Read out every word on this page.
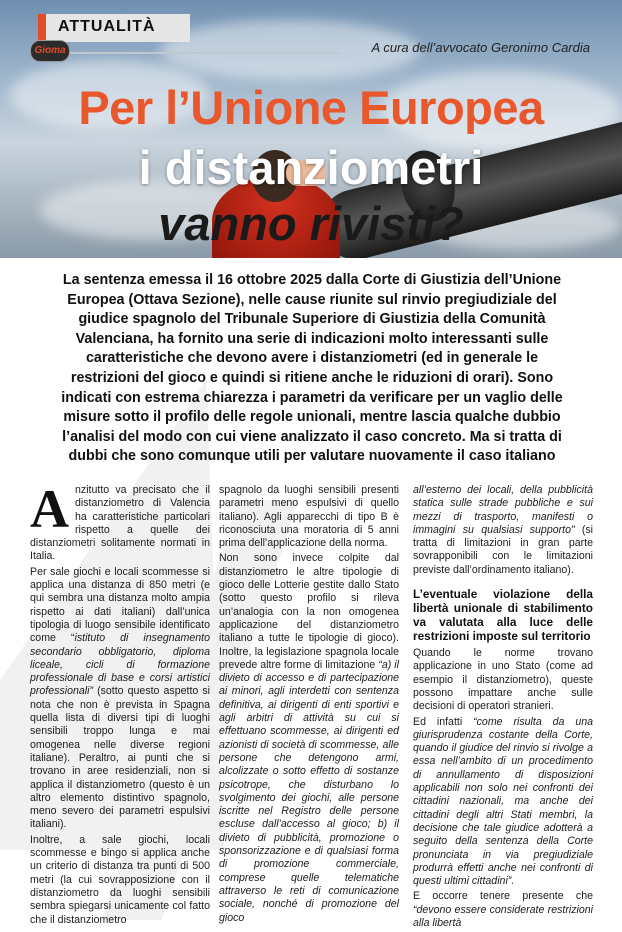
ATTUALITÀ
Gioma	A cura dell’avvocato Geronimo Cardia
Per l’Unione Europea
i distanziometri
vanno rivisti?
La sentenza emessa il 16 ottobre 2025 dalla Corte di Giustizia dell’Unione Europea (Ottava Sezione), nelle cause riunite sul rinvio pregiudiziale del giudice spagnolo del Tribunale Superiore di Giustizia della Comunità Valenciana, ha fornito una serie di indicazioni molto interessanti sulle caratteristiche che devono avere i distanziometri (ed in generale le restrizioni del gioco e quindi si ritiene anche le riduzioni di orari). Sono indicati con estrema chiarezza i parametri da verificare per un vaglio delle misure sotto il profilo delle regole unionali, mentre lascia qualche dubbio l’analisi del modo con cui viene analizzato il caso concreto. Ma si tratta di dubbi che sono comunque utili per valutare nuovamente il caso italiano

Anzitutto va precisato che il distanziometro di Valencia ha caratteristiche particolari rispetto a quelle dei distanziometri solitamente normati in Italia.

Per sale giochi e locali scommesse si applica una distanza di 850 metri (e qui sembra una distanza molto ampia rispetto ai dati italiani) dall’unica tipologia di luogo sensibile identificato come “istituto di insegnamento secondario obbligatorio, diploma liceale, cicli di formazione professionale di base e corsi artistici professionali” (sotto questo aspetto si nota che non è prevista in Spagna quella lista di diversi tipi di luoghi sensibili troppo lunga e mai omogenea nelle diverse regioni italiane). Peraltro, ai punti che si trovano in aree residenziali, non si applica il distanziometro (questo è un altro elemento distintivo spagnolo, meno severo dei parametri espulsivi italiani).

Inoltre, a sale giochi, locali scommesse e bingo si applica anche un criterio di distanza tra punti di 500 metri (la cui sovrapposizione con il distanziometro da luoghi sensibili sembra spiegarsi unicamente col fatto che il distanziometro

spagnolo da luoghi sensibili presenti parametri meno espulsivi di quello italiano). Agli apparecchi di tipo B è riconosciuta una moratoria di 5 anni prima dell’applicazione della norma.

Non sono invece colpite dal distanziometro le altre tipologie di gioco delle Lotterie gestite dallo Stato (sotto questo profilo si rileva un’analogia con la non omogenea applicazione del distanziometro italiano a tutte le tipologie di gioco). Inoltre, la legislazione spagnola locale prevede altre forme di limitazione “a) il divieto di accesso e di partecipazione ai minori, agli interdetti con sentenza definitiva, ai dirigenti di enti sportivi e agli arbitri di attività su cui si effettuano scommesse, ai dirigenti ed azionisti di società di scommesse, alle persone che detengono armi, alcolizzate o sotto effetto di sostanze psicotrope, che disturbano lo svolgimento dei giochi, alle persone iscritte nel Registro delle persone escluse dall’accesso al gioco; b) il divieto di pubblicità, promozione o sponsorizzazione e di qualsiasi forma di promozione commerciale, comprese quelle telematiche attraverso le reti di comunicazione sociale, nonché di promozione del gioco

all’esterno dei locali, della pubblicità statica sulle strade pubbliche e sui mezzi di trasporto, manifesti o immagini su qualsiasi supporto” (si tratta di limitazioni in gran parte sovrapponibili con le limitazioni previste dall’ordinamento italiano).

L’eventuale violazione della libertà unionale di stabilimento va valutata alla luce delle restrizioni imposte sul territorio

Quando le norme trovano applicazione in uno Stato (come ad esempio il distanziometro), queste possono impattare anche sulle decisioni di operatori stranieri.

Ed infatti “come risulta da una giurisprudenza costante della Corte, quando il giudice del rinvio si rivolge a essa nell’ambito di un procedimento di annullamento di disposizioni applicabili non solo nei confronti dei cittadini nazionali, ma anche dei cittadini degli altri Stati membri, la decisione che tale giudice adotterà a seguito della sentenza della Corte pronunciata in via pregiudiziale produrrà effetti anche nei confronti di questi ultimi cittadini”.

E occorre tenere presente che “devono essere considerate restrizioni alla libertà
